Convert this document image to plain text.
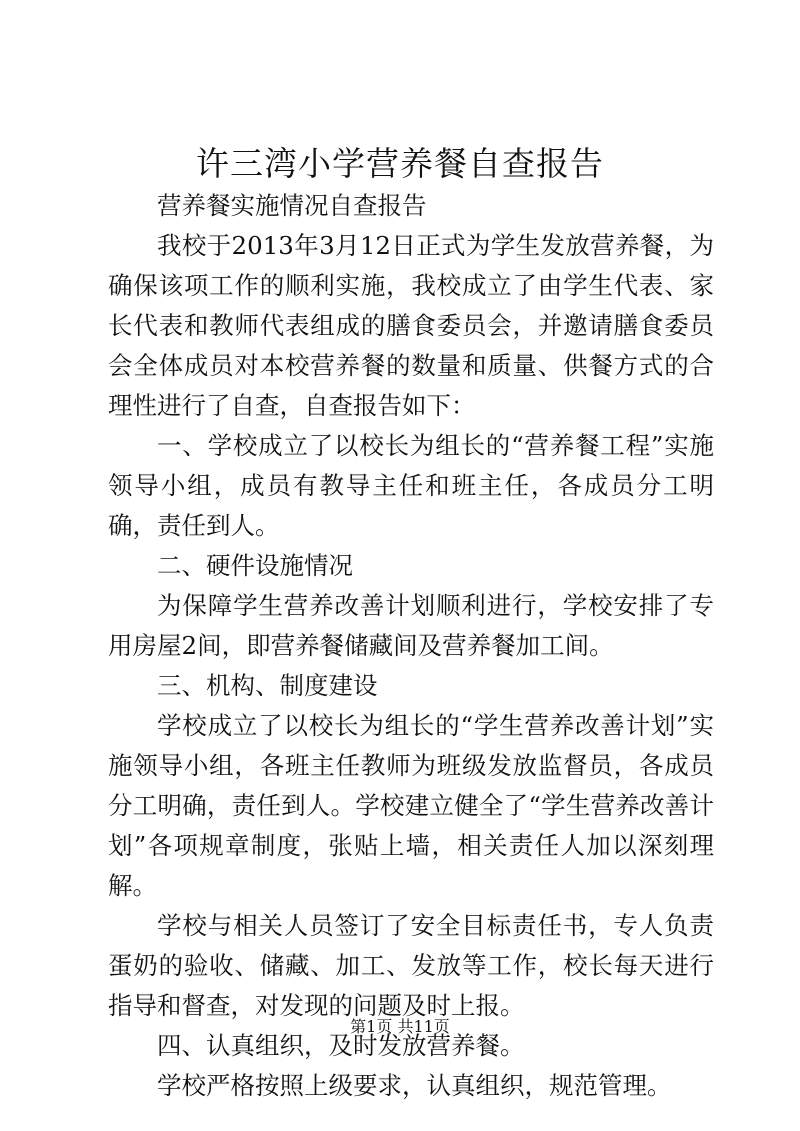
许三湾小学营养餐自查报告

营养餐实施情况自查报告

我校于2013年3月12日正式为学生发放营养餐，为确保该项工作的顺利实施，我校成立了由学生代表、家长代表和教师代表组成的膳食委员会，并邀请膳食委员会全体成员对本校营养餐的数量和质量、供餐方式的合理性进行了自查，自查报告如下：

一、学校成立了以校长为组长的“营养餐工程”实施领导小组，成员有教导主任和班主任，各成员分工明确，责任到人。

二、硬件设施情况

为保障学生营养改善计划顺利进行，学校安排了专用房屋2间，即营养餐储藏间及营养餐加工间。

三、机构、制度建设

学校成立了以校长为组长的“学生营养改善计划”实施领导小组，各班主任教师为班级发放监督员，各成员分工明确，责任到人。学校建立健全了“学生营养改善计划”各项规章制度，张贴上墙，相关责任人加以深刻理解。

学校与相关人员签订了安全目标责任书，专人负责蛋奶的验收、储藏、加工、发放等工作，校长每天进行指导和督查，对发现的问题及时上报。

四、认真组织，及时发放营养餐。

学校严格按照上级要求，认真组织，规范管理。

第1页 共11页
